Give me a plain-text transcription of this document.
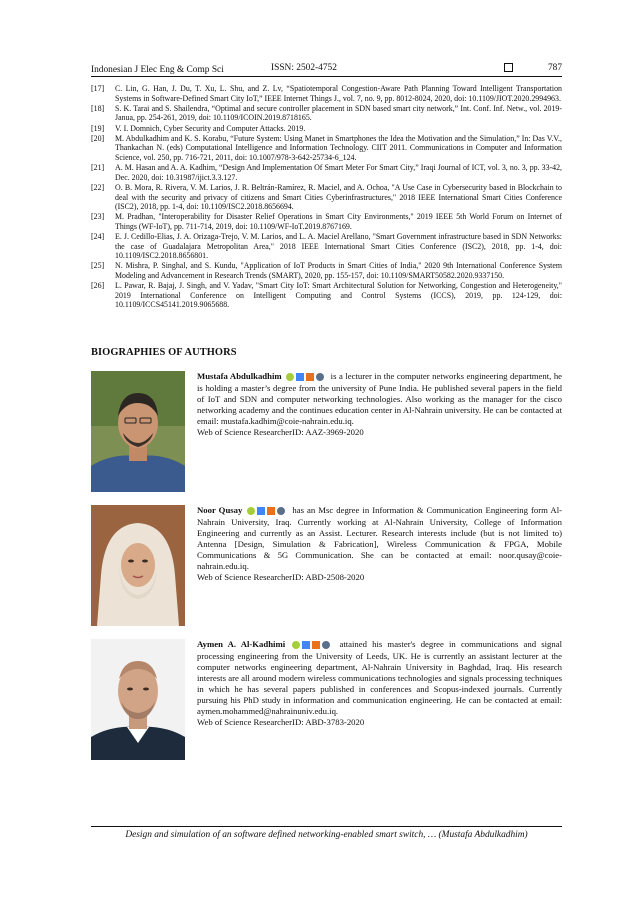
Indonesian J Elec Eng & Comp Sci	ISSN: 2502-4752	787
[17]	C. Lin, G. Han, J. Du, T. Xu, L. Shu, and Z. Lv, “Spatiotemporal Congestion-Aware Path Planning Toward Intelligent Transportation Systems in Software-Defined Smart City IoT,” IEEE Internet Things J., vol. 7, no. 9, pp. 8012-8024, 2020, doi: 10.1109/JIOT.2020.2994963.
[18]	S. K. Tarai and S. Shailendra, “Optimal and secure controller placement in SDN based smart city network,” Int. Conf. Inf. Netw., vol. 2019-Janua, pp. 254-261, 2019, doi: 10.1109/ICOIN.2019.8718165.
[19]	V. I. Domnich, Cyber Security and Computer Attacks. 2019.
[20]	M. Abdulkadhim and K. S. Korabu, “Future System: Using Manet in Smartphones the Idea the Motivation and the Simulation,” In: Das V.V., Thankachan N. (eds) Computational Intelligence and Information Technology. CIIT 2011. Communications in Computer and Information Science, vol. 250, pp. 716-721, 2011, doi: 10.1007/978-3-642-25734-6_124.
[21]	A. M. Hasan and A. A. Kadhim, “Design And Implementation Of Smart Meter For Smart City,” Iraqi Journal of ICT, vol. 3, no. 3, pp. 33-42, Dec. 2020, doi: 10.31987/ijict.3.3.127.
[22]	O. B. Mora, R. Rivera, V. M. Larios, J. R. Beltrán-Ramírez, R. Maciel, and A. Ochoa, "A Use Case in Cybersecurity based in Blockchain to deal with the security and privacy of citizens and Smart Cities Cyberinfrastructures," 2018 IEEE International Smart Cities Conference (ISC2), 2018, pp. 1-4, doi: 10.1109/ISC2.2018.8656694.
[23]	M. Pradhan, "Interoperability for Disaster Relief Operations in Smart City Environments," 2019 IEEE 5th World Forum on Internet of Things (WF-IoT), pp. 711-714, 2019, doi: 10.1109/WF-IoT.2019.8767169.
[24]	E. J. Cedillo-Elias, J. A. Orizaga-Trejo, V. M. Larios, and L. A. Maciel Arellano, "Smart Government infrastructure based in SDN Networks: the case of Guadalajara Metropolitan Area," 2018 IEEE International Smart Cities Conference (ISC2), 2018, pp. 1-4, doi: 10.1109/ISC2.2018.8656801.
[25]	N. Mishra, P. Singhal, and S. Kundu, "Application of IoT Products in Smart Cities of India," 2020 9th International Conference System Modeling and Advancement in Research Trends (SMART), 2020, pp. 155-157, doi: 10.1109/SMART50582.2020.9337150.
[26]	L. Pawar, R. Bajaj, J. Singh, and V. Yadav, "Smart City IoT: Smart Architectural Solution for Networking, Congestion and Heterogeneity," 2019 International Conference on Intelligent Computing and Control Systems (ICCS), 2019, pp. 124-129, doi: 10.1109/ICCS45141.2019.9065688.
BIOGRAPHIES OF AUTHORS
Mustafa Abdulkadhim	is a lecturer in the computer networks engineering department, he is holding a master’s degree from the university of Pune India. He published several papers in the field of IoT and SDN and computer networking technologies. Also working as the manager for the cisco networking academy and the continues education center in Al-Nahrain university. He can be contacted at email: mustafa.kadhim@coie-nahrain.edu.iq.
Web of Science ResearcherID: AAZ-3969-2020
Noor Qusay	has an Msc degree in Information & Communication Engineering form Al-Nahrain University, Iraq. Currently working at Al-Nahrain University, College of Information Engineering and currently as an Assist. Lecturer. Research interests include (but is not limited to) Antenna [Design, Simulation & Fabrication], Wireless Communication & FPGA, Mobile Communications & 5G Communication. She can be contacted at email: noor.qusay@coie-nahrain.edu.iq.
Web of Science ResearcherID: ABD-2508-2020
Aymen A. Al-Kadhimi	attained his master's degree in communications and signal processing engineering from the University of Leeds, UK. He is currently an assistant lecturer at the computer networks engineering department, Al-Nahrain University in Baghdad, Iraq. His research interests are all around modern wireless communications technologies and signals processing techniques in which he has several papers published in conferences and Scopus-indexed journals. Currently pursuing his PhD study in information and communication engineering. He can be contacted at email: aymen.mohammed@nahrainuniv.edu.iq.
Web of Science ResearcherID: ABD-3783-2020
Design and simulation of an software defined networking-enabled smart switch, … (Mustafa Abdulkadhim)
